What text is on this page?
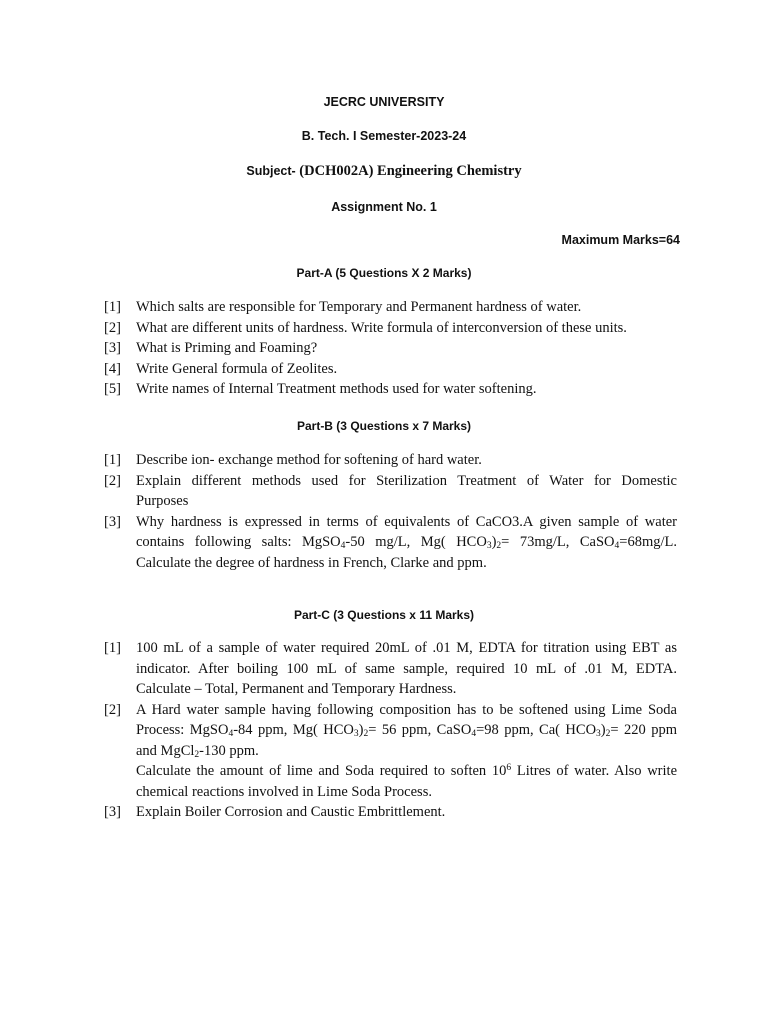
JECRC UNIVERSITY
B. Tech. I Semester-2023-24
Subject- (DCH002A) Engineering Chemistry
Assignment No. 1
Maximum Marks=64
Part-A (5 Questions X 2 Marks)
[1]	Which salts are responsible for Temporary and Permanent hardness of water.
[2]	What are different units of hardness. Write formula of interconversion of these units.
[3]	What is Priming and Foaming?
[4]	Write General formula of Zeolites.
[5]	Write names of Internal Treatment methods used for water softening.
Part-B (3 Questions x 7 Marks)
[1]	Describe ion- exchange method for softening of hard water.
[2]	Explain different methods used for Sterilization Treatment of Water for Domestic
Purposes
[3]	Why hardness is expressed in terms of equivalents of CaCO3.A given sample of water
contains following salts: MgSO$_4$-50 mg/L, Mg( $HCO_3)_2= 73mg/L$, CaSO$_4$=68mg/L.
Calculate the degree of hardness in French, Clarke and ppm.
Part-C (3 Questions x 11 Marks)
[1]	100 mL of a sample of water required 20mL of .01 M, EDTA for titration using EBT as
indicator. After boiling 100 mL of same sample, required 10 mL of .01 M, EDTA.
Calculate – Total, Permanent and Temporary Hardness.
[2]	A Hard water sample having following composition has to be softened using Lime Soda
Process: MgSO$_4$-84 ppm, Mg( $HCO_3)_2= 56$ ppm, CaSO$_4$=98 ppm, Ca( $HCO_3)_2= 220$ ppm
and MgCl$_2$-130 ppm.
Calculate the amount of lime and Soda required to soften $10^6$ Litres of water. Also write
chemical reactions involved in Lime Soda Process.
[3]	Explain Boiler Corrosion and Caustic Embrittlement.
